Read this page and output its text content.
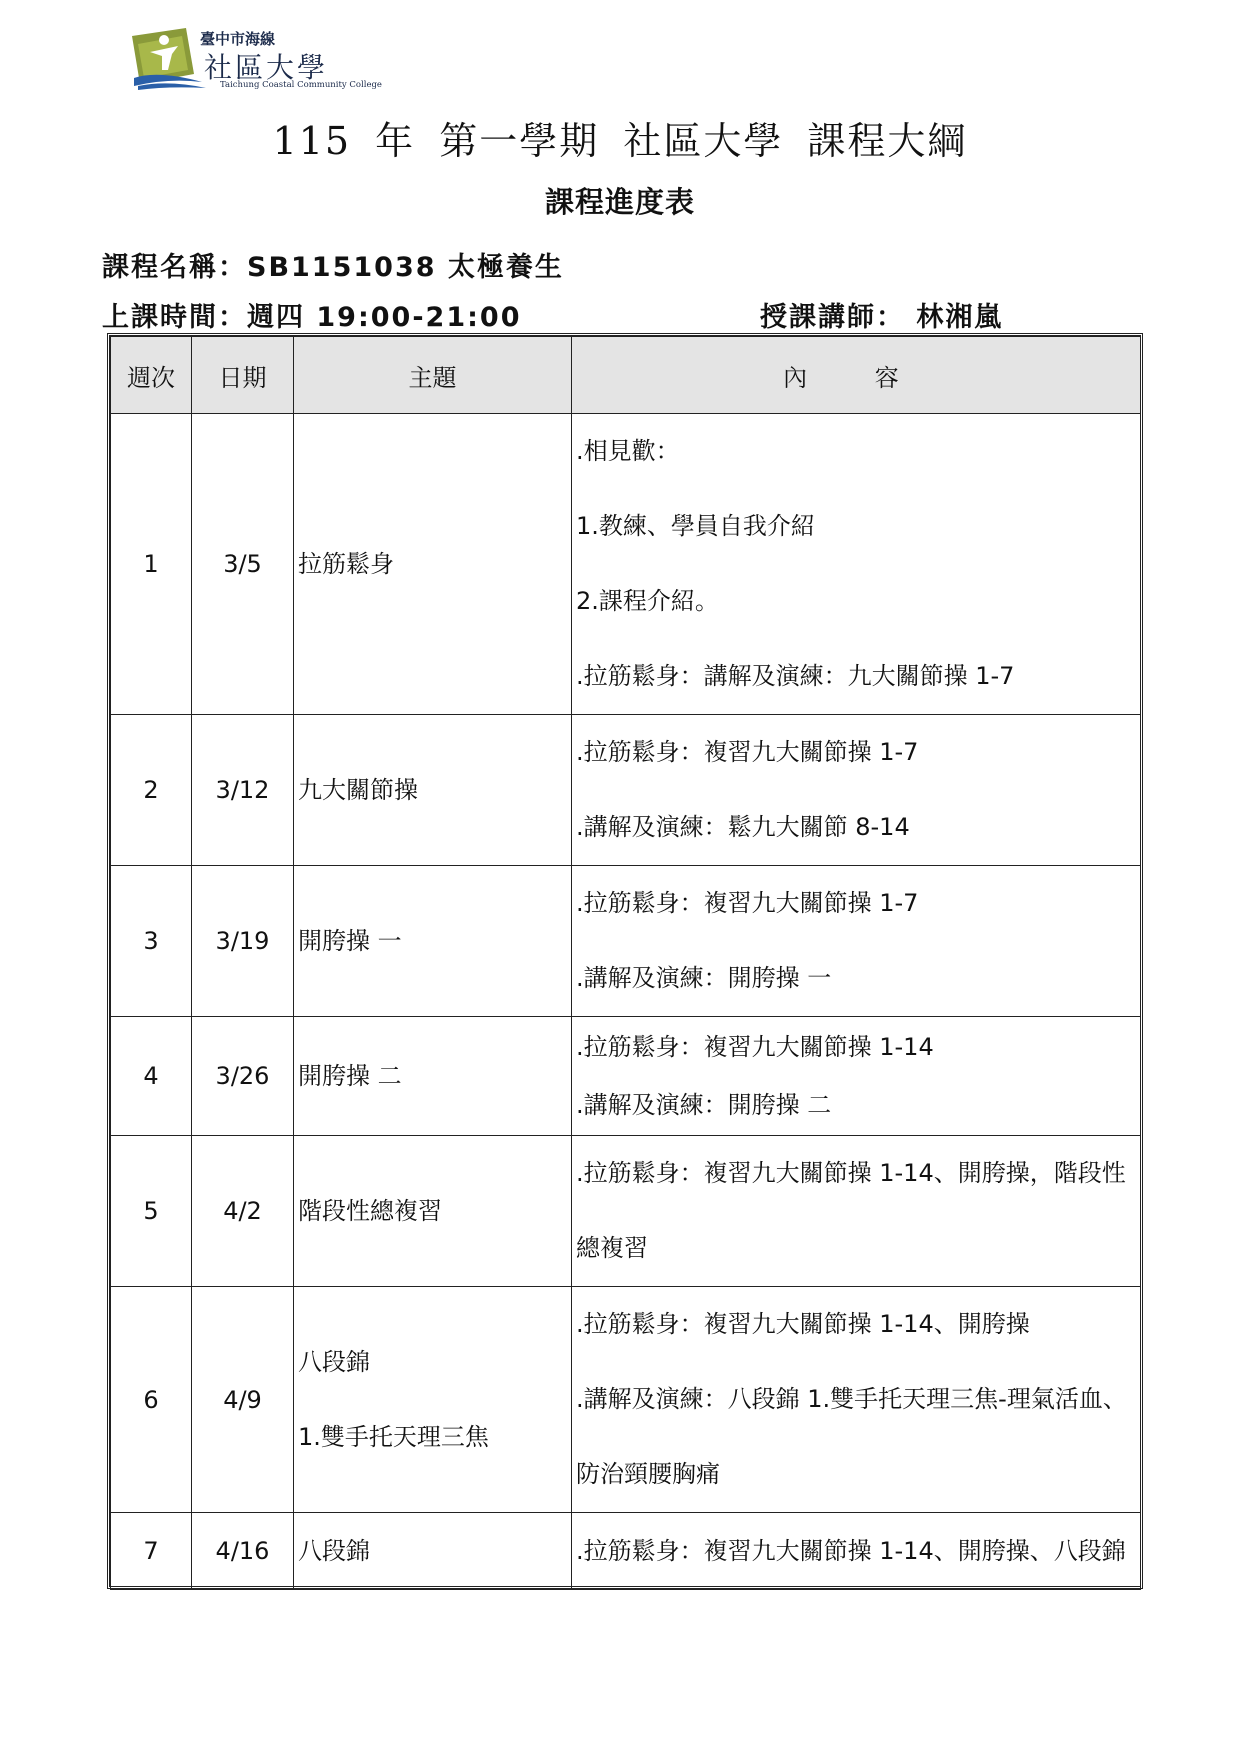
臺中市海線
社區大學
Taichung Coastal Community College
115 年 第一學期 社區大學 課程大綱
課程進度表
課程名稱：SB1151038 太極養生
上課時間：週四 19:00-21:00	授課講師： 林湘嵐
週次	日期	主題	內 容
1	3/5	拉筋鬆身	.相見歡：
1.教練、學員自我介紹
2.課程介紹。
.拉筋鬆身：講解及演練：九大關節操 1-7

2	3/12	九大關節操	.拉筋鬆身：複習九大關節操 1-7
.講解及演練：鬆九大關節 8-14

3	3/19	開胯操 一	.拉筋鬆身：複習九大關節操 1-7
.講解及演練：開胯操 一

4	3/26	開胯操 二	.拉筋鬆身：複習九大關節操 1-14
.講解及演練：開胯操 二

5	4/2	階段性總複習	.拉筋鬆身：複習九大關節操 1-14、開胯操，階段性
總複習

6	4/9	八段錦
1.雙手托天理三焦	.拉筋鬆身：複習九大關節操 1-14、開胯操
.講解及演練：八段錦 1.雙手托天理三焦-理氣活血、
防治頸腰胸痛

7	4/16	八段錦	.拉筋鬆身：複習九大關節操 1-14、開胯操、八段錦
